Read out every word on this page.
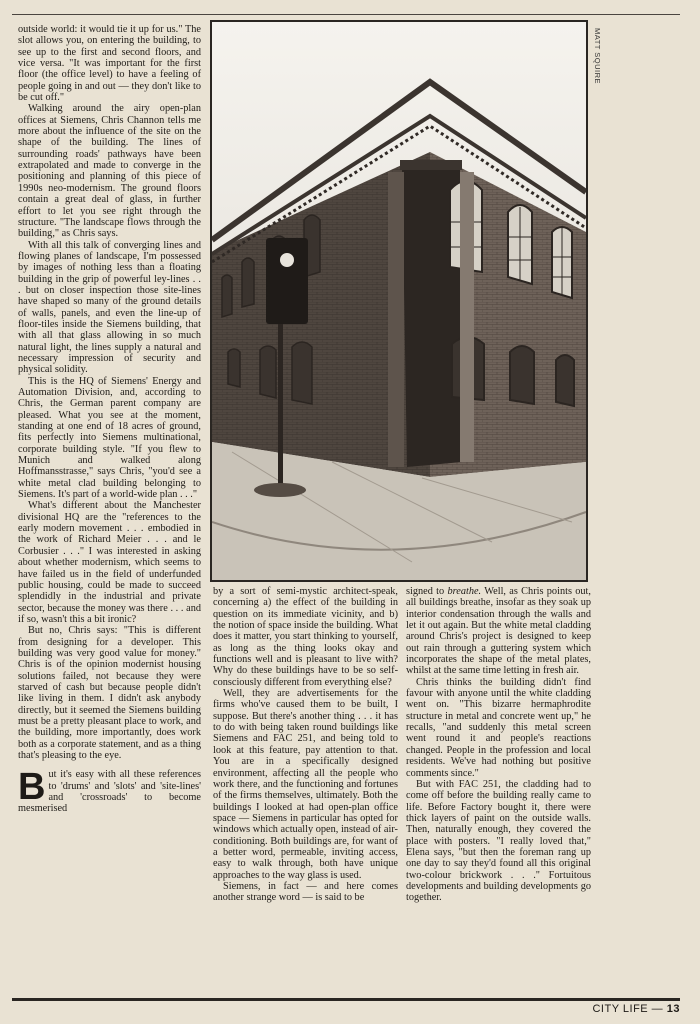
outside world: it would tie it up for us." The slot allows you, on entering the building, to see up to the first and second floors, and vice versa. "It was important for the first floor (the office level) to have a feeling of people going in and out — they don't like to be cut off."

Walking around the airy open-plan offices at Siemens, Chris Channon tells me more about the influence of the site on the shape of the building. The lines of surrounding roads' pathways have been extrapolated and made to converge in the positioning and planning of this piece of 1990s neo-modernism. The ground floors contain a great deal of glass, in further effort to let you see right through the structure. "The landscape flows through the building," as Chris says.

With all this talk of converging lines and flowing planes of landscape, I'm possessed by images of nothing less than a floating building in the grip of powerful ley-lines . . . but on closer inspection those site-lines have shaped so many of the ground details of walls, panels, and even the line-up of floor-tiles inside the Siemens building, that with all that glass allowing in so much natural light, the lines supply a natural and necessary impression of security and physical solidity.

This is the HQ of Siemens' Energy and Automation Division, and, according to Chris, the German parent company are pleased. What you see at the moment, standing at one end of 18 acres of ground, fits perfectly into Siemens multinational, corporate building style. "If you flew to Munich and walked along Hoffmansstrasse," says Chris, "you'd see a white metal clad building belonging to Siemens. It's part of a world-wide plan . . ."

What's different about the Manchester divisional HQ are the "references to the early modern movement . . . embodied in the work of Richard Meier . . . and le Corbusier . . ." I was interested in asking about whether modernism, which seems to have failed us in the field of underfunded public housing, could be made to succeed splendidly in the industrial and private sector, because the money was there . . . and if so, wasn't this a bit ironic?

But no, Chris says: "This is different from designing for a developer. This building was very good value for money." Chris is of the opinion modernist housing solutions failed, not because they were starved of cash but because people didn't like living in them. I didn't ask anybody directly, but it seemed the Siemens building must be a pretty pleasant place to work, and the building, more importantly, does work both as a corporate statement, and as a thing that's pleasing to the eye.

But it's easy with all these references to 'drums' and 'slots' and 'site-lines' and 'crossroads' to become mesmerised

MATT SQUIRE

by a sort of semi-mystic architect-speak, concerning a) the effect of the building in question on its immediate vicinity, and b) the notion of space inside the building. What does it matter, you start thinking to yourself, as long as the thing looks okay and functions well and is pleasant to live with? Why do these buildings have to be so self-consciously different from everything else?

Well, they are advertisements for the firms who've caused them to be built, I suppose. But there's another thing . . . it has to do with being taken round buildings like Siemens and FAC 251, and being told to look at this feature, pay attention to that. You are in a specifically designed environment, affecting all the people who work there, and the functioning and fortunes of the firms themselves, ultimately. Both the buildings I looked at had open-plan office space — Siemens in particular has opted for windows which actually open, instead of air-conditioning. Both buildings are, for want of a better word, permeable, inviting access, easy to walk through, both have unique approaches to the way glass is used.

Siemens, in fact — and here comes another strange word — is said to be

signed to breathe. Well, as Chris points out, all buildings breathe, insofar as they soak up interior condensation through the walls and let it out again. But the white metal cladding around Chris's project is designed to keep out rain through a guttering system which incorporates the shape of the metal plates, whilst at the same time letting in fresh air.

Chris thinks the building didn't find favour with anyone until the white cladding went on. "This bizarre hermaphrodite structure in metal and concrete went up," he recalls, "and suddenly this metal screen went round it and people's reactions changed. People in the profession and local residents. We've had nothing but positive comments since."

But with FAC 251, the cladding had to come off before the building really came to life. Before Factory bought it, there were thick layers of paint on the outside walls. Then, naturally enough, they covered the place with posters. "I really loved that," Elena says, "but then the foreman rang up one day to say they'd found all this original two-colour brickwork . . ." Fortuitous developments and building developments go together.

CITY LIFE — 13
